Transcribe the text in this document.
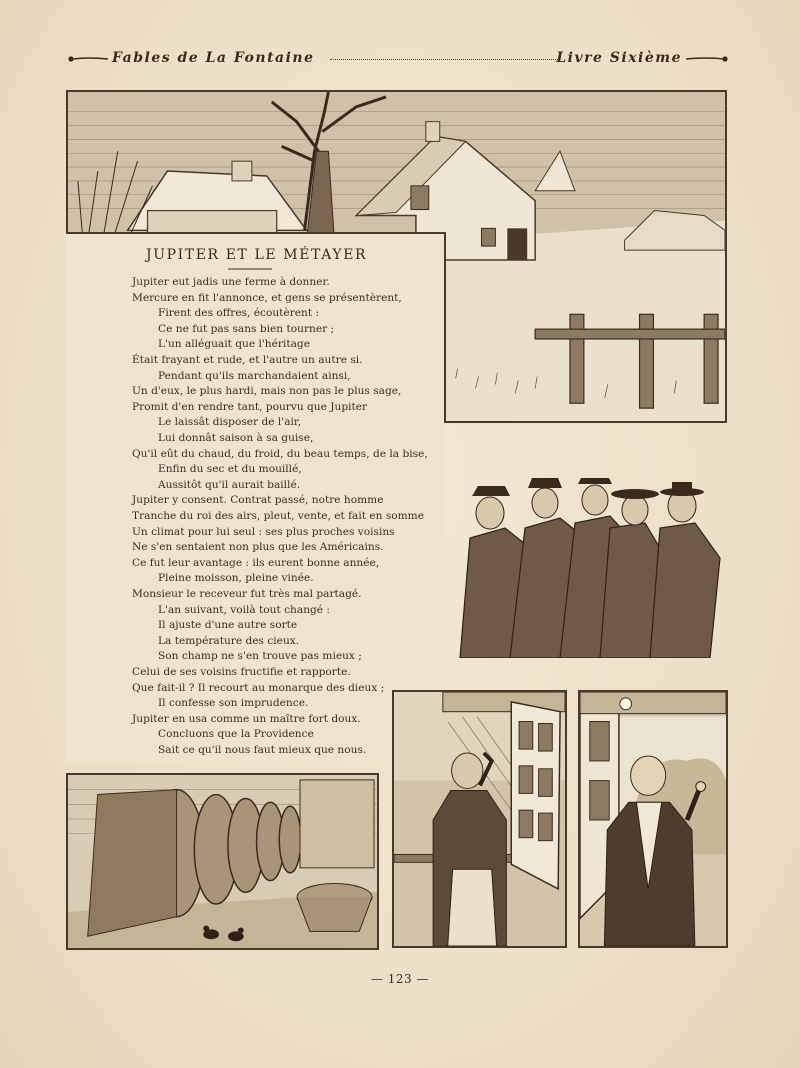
Fables de La Fontaine	Livre Sixième
JUPITER ET LE MÉTAYER
Jupiter eut jadis une ferme à donner.
Mercure en fit l'annonce, et gens se présentèrent,
Firent des offres, écoutèrent :
Ce ne fut pas sans bien tourner ;
L'un alléguait que l'héritage
Était frayant et rude, et l'autre un autre si.
Pendant qu'ils marchandaient ainsi,
Un d'eux, le plus hardi, mais non pas le plus sage,
Promit d'en rendre tant, pourvu que Jupiter
Le laissât disposer de l'air,
Lui donnât saison à sa guise,
Qu'il eût du chaud, du froid, du beau temps, de la bise,
Enfin du sec et du mouillé,
Aussitôt qu'il aurait baillé.
Jupiter y consent. Contrat passé, notre homme
Tranche du roi des airs, pleut, vente, et fait en somme
Un climat pour lui seul : ses plus proches voisins
Ne s'en sentaient non plus que les Américains.
Ce fut leur avantage : ils eurent bonne année,
Pleine moisson, pleine vinée.
Monsieur le receveur fut très mal partagé.
L'an suivant, voilà tout changé :
Il ajuste d'une autre sorte
La température des cieux.
Son champ ne s'en trouve pas mieux ;
Celui de ses voisins fructifie et rapporte.
Que fait-il ? Il recourt au monarque des dieux ;
Il confesse son imprudence.
Jupiter en usa comme un maître fort doux.
Concluons que la Providence
Sait ce qu'il nous faut mieux que nous.
— 123 —
